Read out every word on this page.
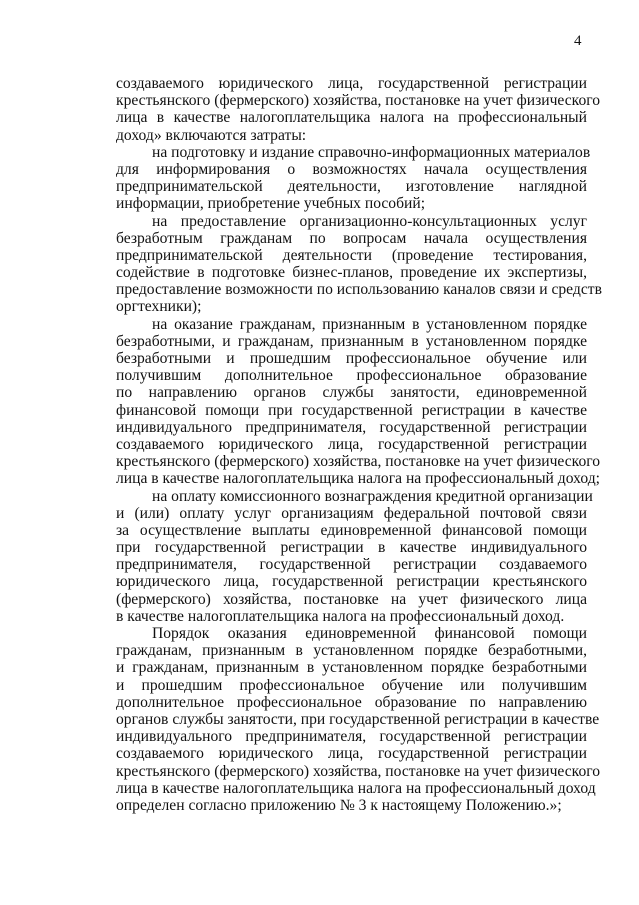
4
создаваемого юридического лица, государственной регистрации
крестьянского (фермерского) хозяйства, постановке на учет физического
лица в качестве налогоплательщика налога на профессиональный
доход» включаются затраты:
на подготовку и издание справочно-информационных материалов
для информирования о возможностях начала осуществления
предпринимательской деятельности, изготовление наглядной
информации, приобретение учебных пособий;
на предоставление организационно-консультационных услуг
безработным гражданам по вопросам начала осуществления
предпринимательской деятельности (проведение тестирования,
содействие в подготовке бизнес-планов, проведение их экспертизы,
предоставление возможности по использованию каналов связи и средств
оргтехники);
на оказание гражданам, признанным в установленном порядке
безработными, и гражданам, признанным в установленном порядке
безработными и прошедшим профессиональное обучение или
получившим дополнительное профессиональное образование
по направлению органов службы занятости, единовременной
финансовой помощи при государственной регистрации в качестве
индивидуального предпринимателя, государственной регистрации
создаваемого юридического лица, государственной регистрации
крестьянского (фермерского) хозяйства, постановке на учет физического
лица в качестве налогоплательщика налога на профессиональный доход;
на оплату комиссионного вознаграждения кредитной организации
и (или) оплату услуг организациям федеральной почтовой связи
за осуществление выплаты единовременной финансовой помощи
при государственной регистрации в качестве индивидуального
предпринимателя, государственной регистрации создаваемого
юридического лица, государственной регистрации крестьянского
(фермерского) хозяйства, постановке на учет физического лица
в качестве налогоплательщика налога на профессиональный доход.
Порядок оказания единовременной финансовой помощи
гражданам, признанным в установленном порядке безработными,
и гражданам, признанным в установленном порядке безработными
и прошедшим профессиональное обучение или получившим
дополнительное профессиональное образование по направлению
органов службы занятости, при государственной регистрации в качестве
индивидуального предпринимателя, государственной регистрации
создаваемого юридического лица, государственной регистрации
крестьянского (фермерского) хозяйства, постановке на учет физического
лица в качестве налогоплательщика налога на профессиональный доход
определен согласно приложению № 3 к настоящему Положению.»;
